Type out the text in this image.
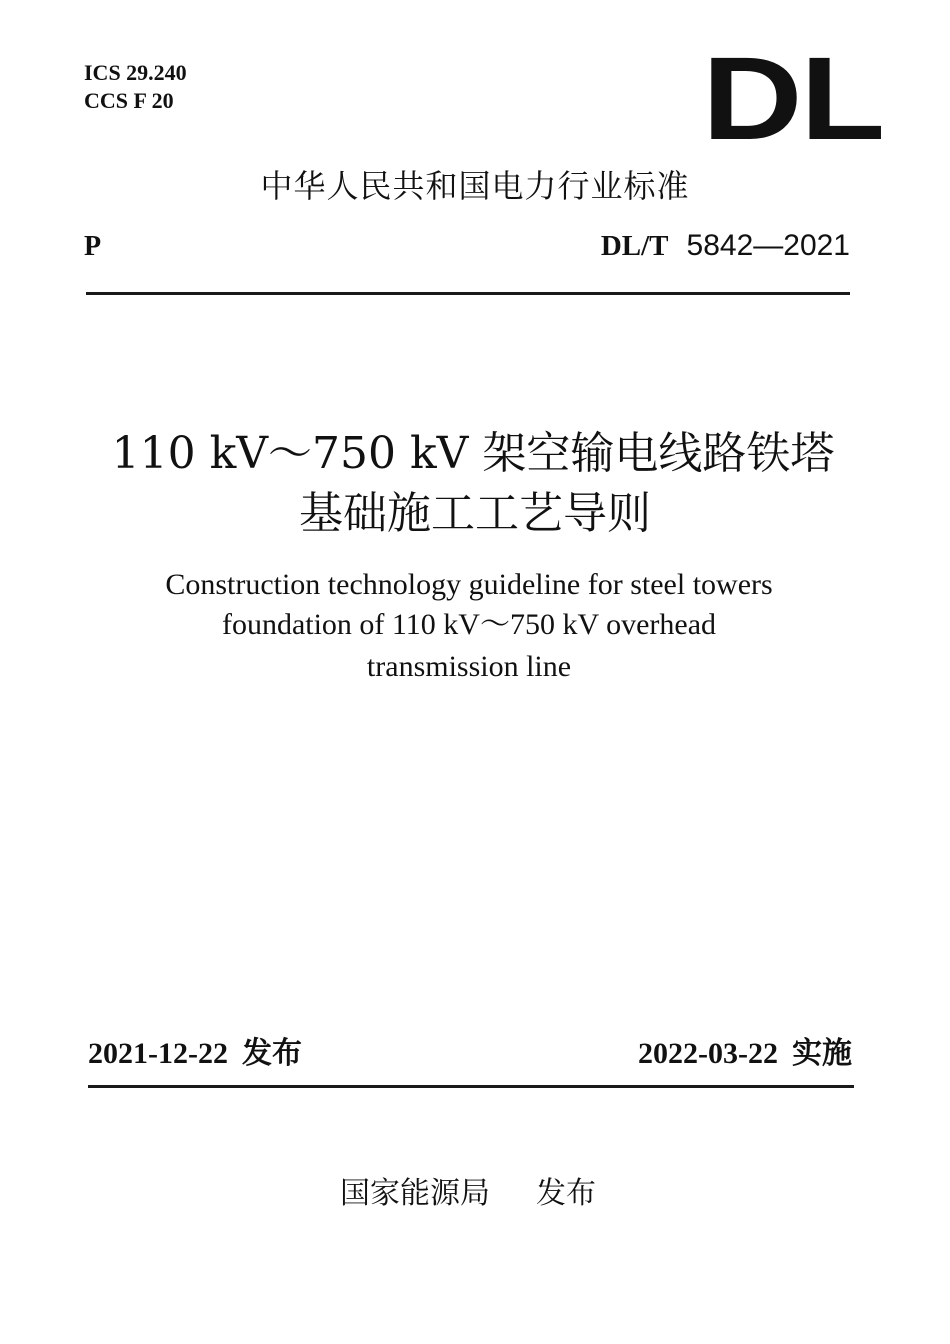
ICS 29.240
CCS F 20	DL
中华人民共和国电力行业标准
P	DL/T 5842—2021
110 kV～750 kV 架空输电线路铁塔
基础施工工艺导则
Construction technology guideline for steel towers
foundation of 110 kV～750 kV overhead
transmission line
2021-12-22 发布	2022-03-22 实施
国家能源局 发布
